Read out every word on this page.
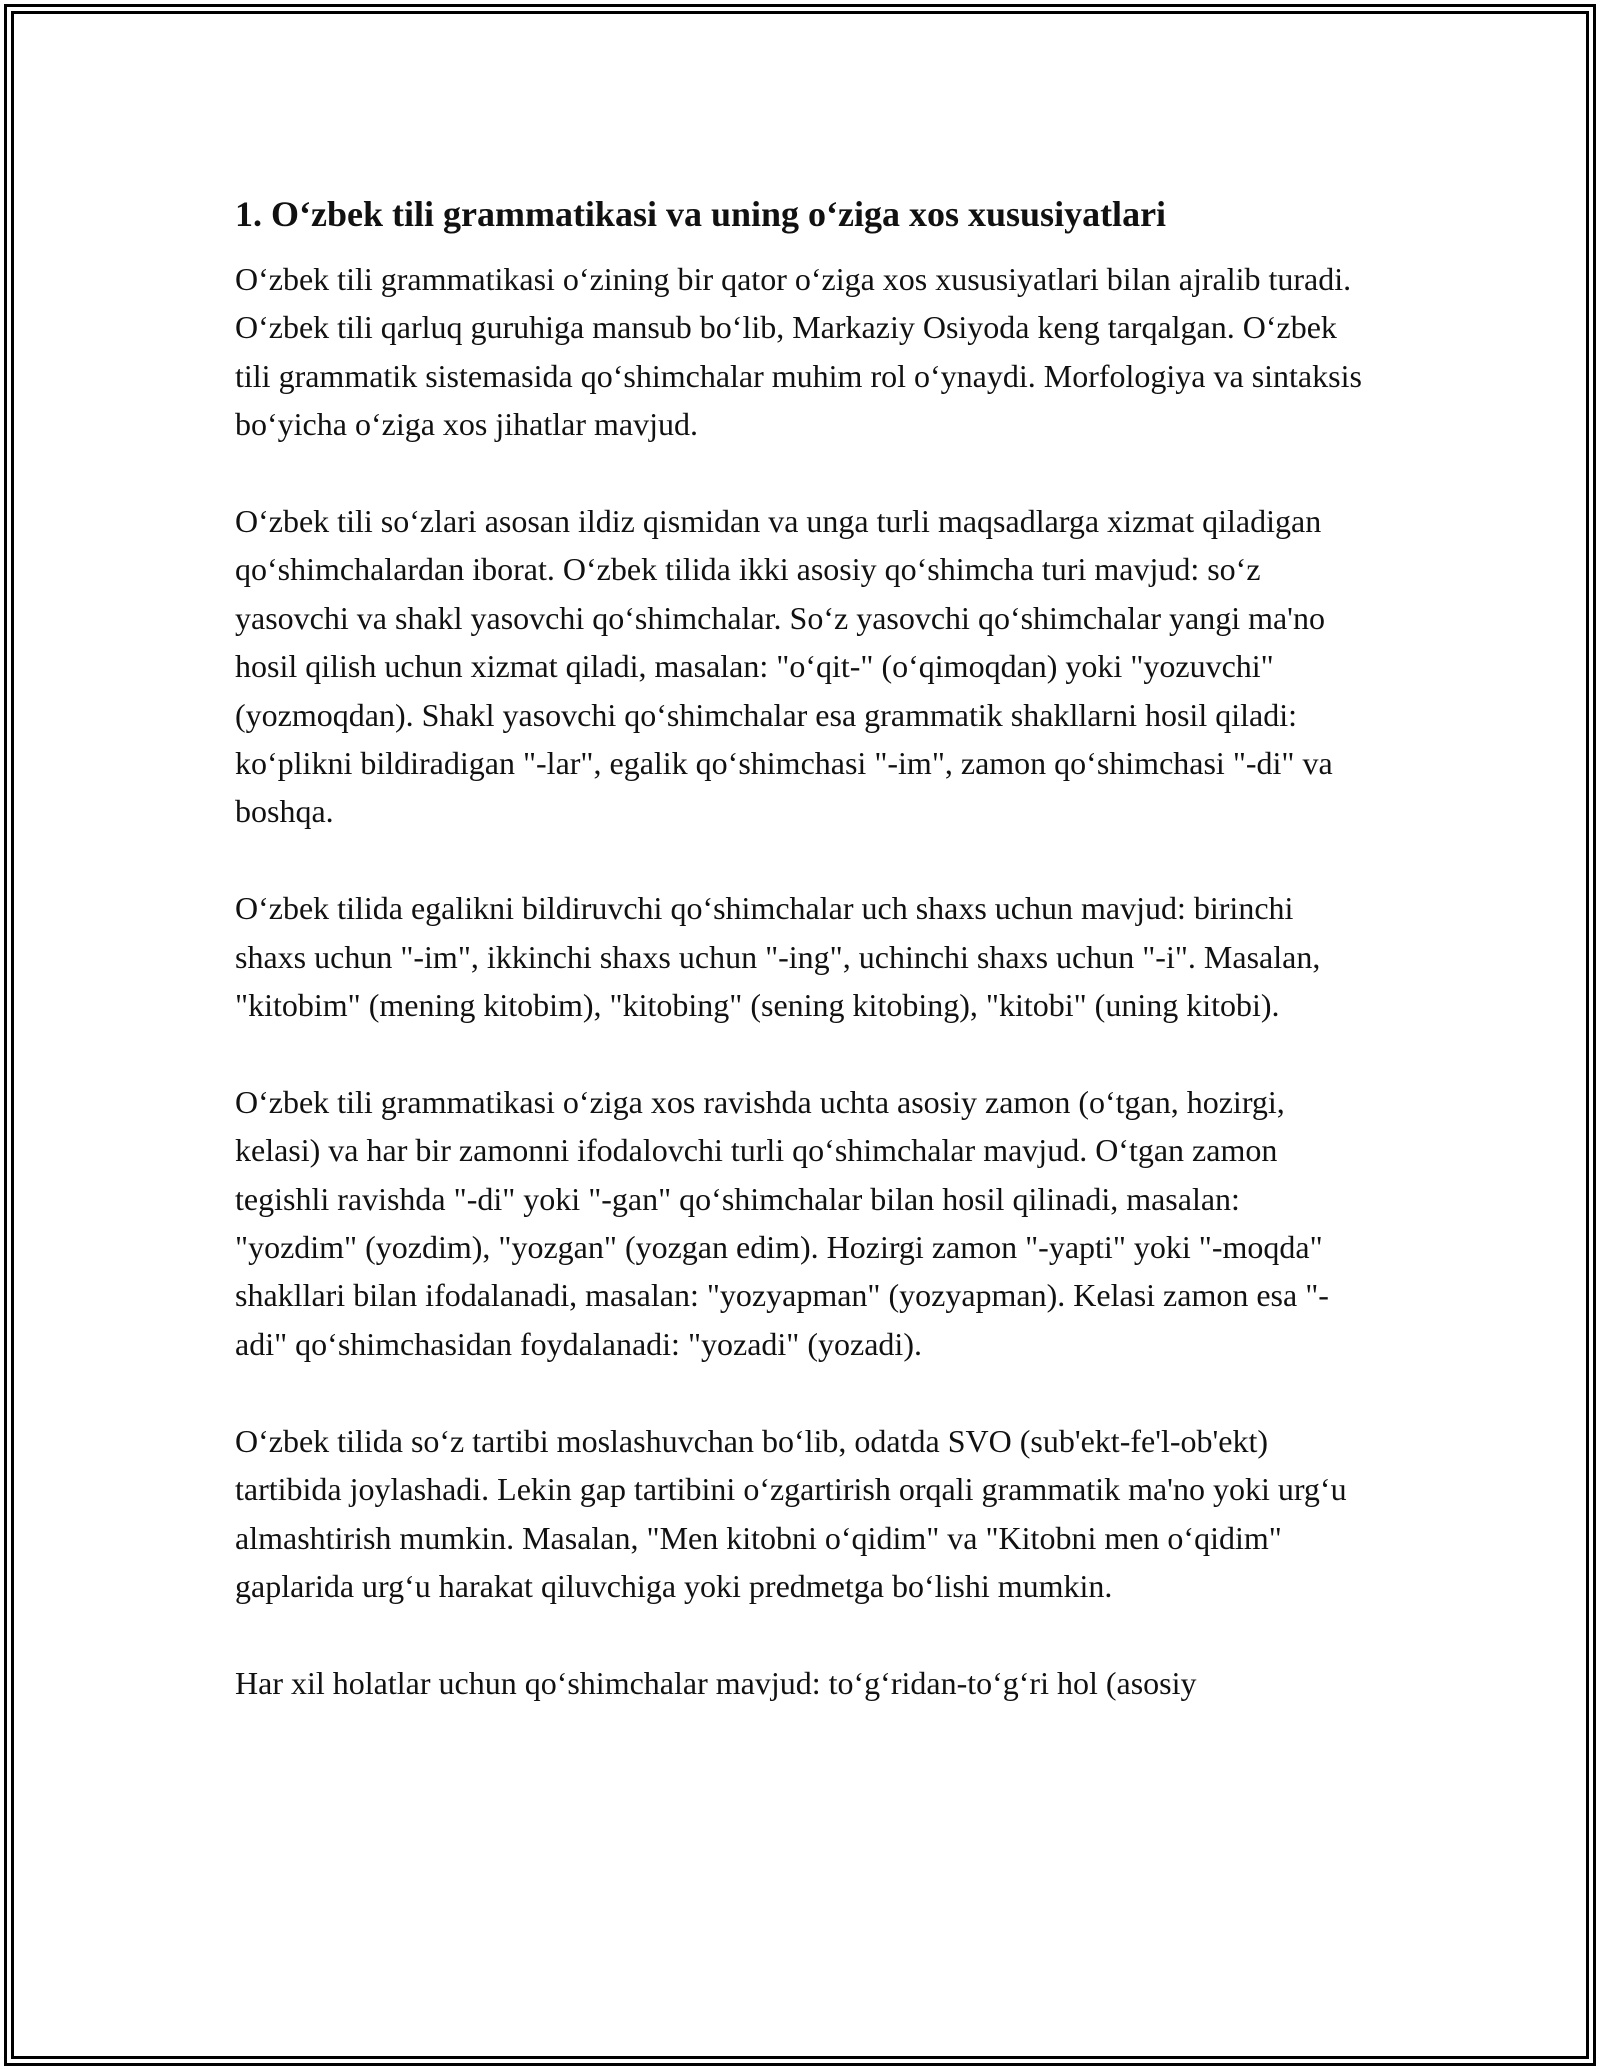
1. O‘zbek tili grammatikasi va uning o‘ziga xos xususiyatlari

O‘zbek tili grammatikasi o‘zining bir qator o‘ziga xos xususiyatlari bilan ajralib turadi. O‘zbek tili qarluq guruhiga mansub bo‘lib, Markaziy Osiyoda keng tarqalgan. O‘zbek tili grammatik sistemasida qo‘shimchalar muhim rol o‘ynaydi. Morfologiya va sintaksis bo‘yicha o‘ziga xos jihatlar mavjud.

O‘zbek tili so‘zlari asosan ildiz qismidan va unga turli maqsadlarga xizmat qiladigan qo‘shimchalardan iborat. O‘zbek tilida ikki asosiy qo‘shimcha turi mavjud: so‘z yasovchi va shakl yasovchi qo‘shimchalar. So‘z yasovchi qo‘shimchalar yangi ma'no hosil qilish uchun xizmat qiladi, masalan: "o‘qit-" (o‘qimoqdan) yoki "yozuvchi" (yozmoqdan). Shakl yasovchi qo‘shimchalar esa grammatik shakllarni hosil qiladi: ko‘plikni bildiradigan "-lar", egalik qo‘shimchasi "-im", zamon qo‘shimchasi "-di" va boshqa.

O‘zbek tilida egalikni bildiruvchi qo‘shimchalar uch shaxs uchun mavjud: birinchi shaxs uchun "-im", ikkinchi shaxs uchun "-ing", uchinchi shaxs uchun "-i". Masalan, "kitobim" (mening kitobim), "kitobing" (sening kitobing), "kitobi" (uning kitobi).

O‘zbek tili grammatikasi o‘ziga xos ravishda uchta asosiy zamon (o‘tgan, hozirgi, kelasi) va har bir zamonni ifodalovchi turli qo‘shimchalar mavjud. O‘tgan zamon tegishli ravishda "-di" yoki "-gan" qo‘shimchalar bilan hosil qilinadi, masalan: "yozdim" (yozdim), "yozgan" (yozgan edim). Hozirgi zamon "-yapti" yoki "-moqda" shakllari bilan ifodalanadi, masalan: "yozyapman" (yozyapman). Kelasi zamon esa "-adi" qo‘shimchasidan foydalanadi: "yozadi" (yozadi).

O‘zbek tilida so‘z tartibi moslashuvchan bo‘lib, odatda SVO (sub'ekt-fe'l-ob'ekt) tartibida joylashadi. Lekin gap tartibini o‘zgartirish orqali grammatik ma'no yoki urg‘u almashtirish mumkin. Masalan, "Men kitobni o‘qidim" va "Kitobni men o‘qidim" gaplarida urg‘u harakat qiluvchiga yoki predmetga bo‘lishi mumkin.

Har xil holatlar uchun qo‘shimchalar mavjud: to‘g‘ridan-to‘g‘ri hol (asosiy
